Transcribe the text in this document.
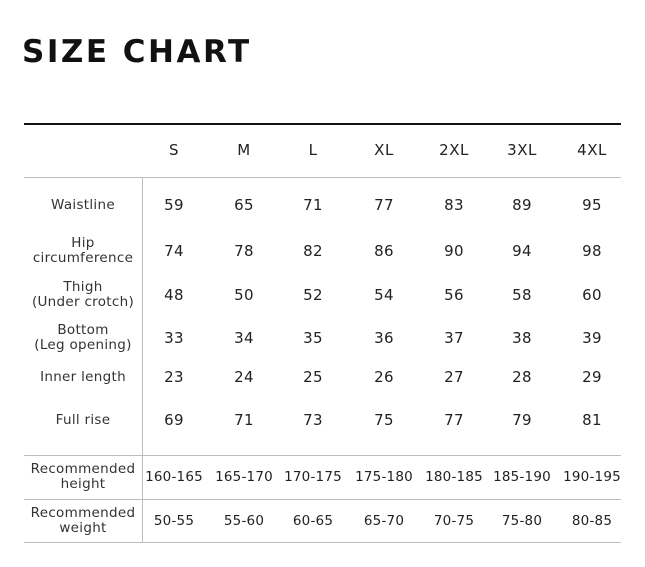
SIZE CHART
S	M	L	XL	2XL	3XL	4XL
Waistline	59	65	71	77	83	89	95
Hip
circumference	74	78	82	86	90	94	98
Thigh
(Under crotch)	48	50	52	54	56	58	60
Bottom
(Leg opening)	33	34	35	36	37	38	39
Inner length	23	24	25	26	27	28	29
Full rise	69	71	73	75	77	79	81
Recommended
height	160-165 165-170 170-175 175-180 180-185 185-190 190-195
Recommended
weight	50-55	55-60	60-65	65-70	70-75	75-80	80-85
